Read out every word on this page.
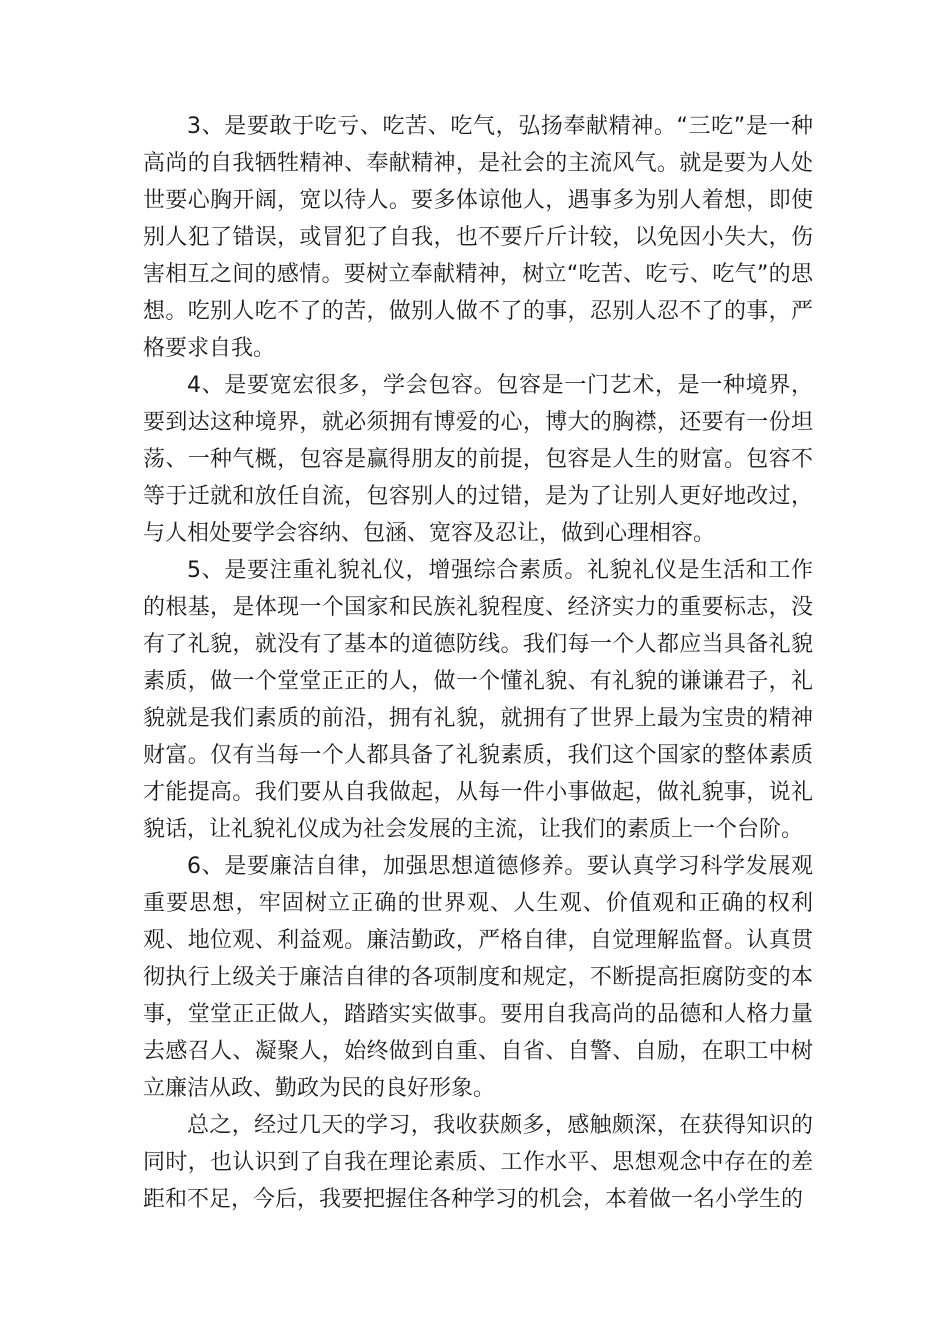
3、是要敢于吃亏、吃苦、吃气，弘扬奉献精神。“三吃”是一种高尚的自我牺牲精神、奉献精神，是社会的主流风气。就是要为人处世要心胸开阔，宽以待人。要多体谅他人，遇事多为别人着想，即使别人犯了错误，或冒犯了自我，也不要斤斤计较，以免因小失大，伤害相互之间的感情。要树立奉献精神，树立“吃苦、吃亏、吃气”的思想。吃别人吃不了的苦，做别人做不了的事，忍别人忍不了的事，严格要求自我。

4、是要宽宏很多，学会包容。包容是一门艺术，是一种境界，要到达这种境界，就必须拥有博爱的心，博大的胸襟，还要有一份坦荡、一种气概，包容是赢得朋友的前提，包容是人生的财富。包容不等于迁就和放任自流，包容别人的过错，是为了让别人更好地改过，与人相处要学会容纳、包涵、宽容及忍让，做到心理相容。

5、是要注重礼貌礼仪，增强综合素质。礼貌礼仪是生活和工作的根基，是体现一个国家和民族礼貌程度、经济实力的重要标志，没有了礼貌，就没有了基本的道德防线。我们每一个人都应当具备礼貌素质，做一个堂堂正正的人，做一个懂礼貌、有礼貌的谦谦君子，礼貌就是我们素质的前沿，拥有礼貌，就拥有了世界上最为宝贵的精神财富。仅有当每一个人都具备了礼貌素质，我们这个国家的整体素质才能提高。我们要从自我做起，从每一件小事做起，做礼貌事，说礼貌话，让礼貌礼仪成为社会发展的主流，让我们的素质上一个台阶。

6、是要廉洁自律，加强思想道德修养。要认真学习科学发展观重要思想，牢固树立正确的世界观、人生观、价值观和正确的权利观、地位观、利益观。廉洁勤政，严格自律，自觉理解监督。认真贯彻执行上级关于廉洁自律的各项制度和规定，不断提高拒腐防变的本事，堂堂正正做人，踏踏实实做事。要用自我高尚的品德和人格力量去感召人、凝聚人，始终做到自重、自省、自警、自励，在职工中树立廉洁从政、勤政为民的良好形象。

总之，经过几天的学习，我收获颇多，感触颇深，在获得知识的同时，也认识到了自我在理论素质、工作水平、思想观念中存在的差距和不足，今后，我要把握住各种学习的机会，本着做一名小学生的
